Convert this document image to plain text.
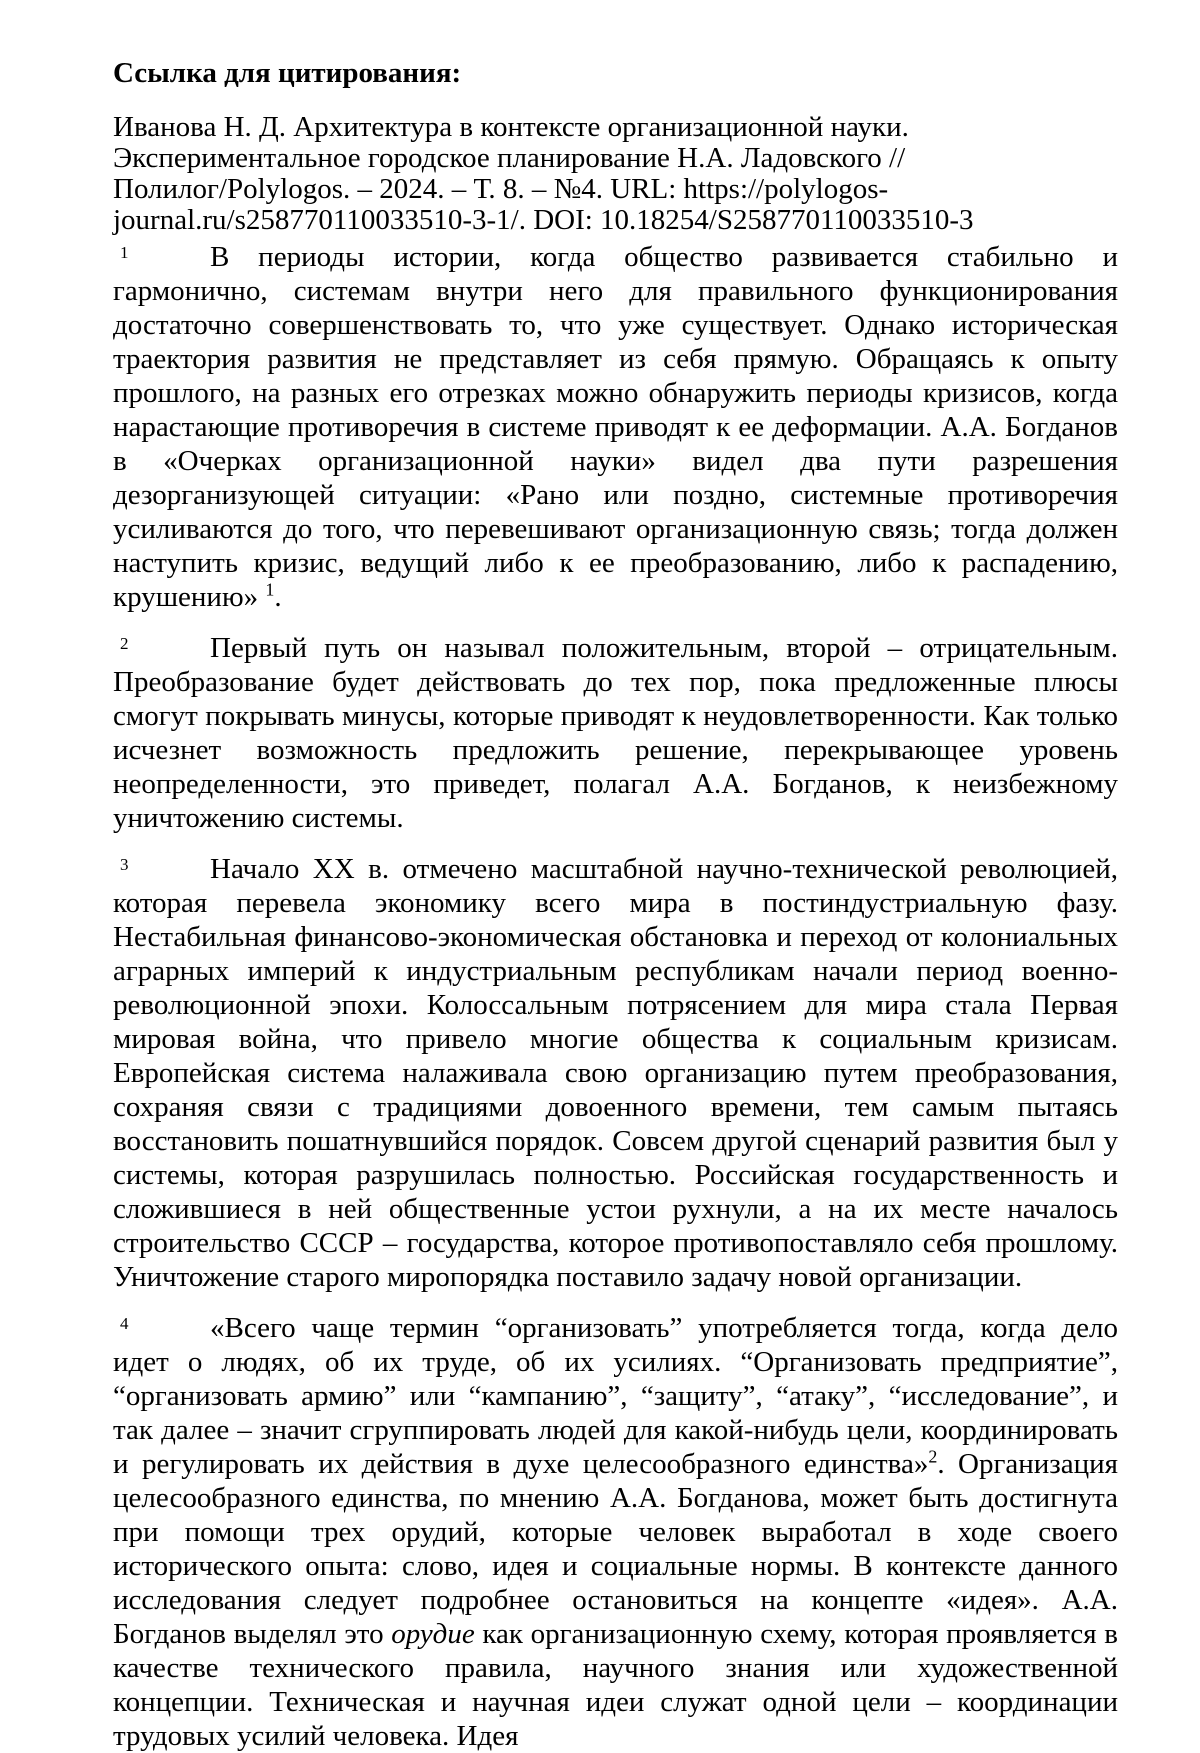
Ссылка для цитирования:

Иванова Н. Д. Архитектура в контексте организационной науки.
Экспериментальное городское планирование Н.А. Ладовского //
Полилог/Polylogos. – 2024. – Т. 8. – №4. URL: https://polylogos-
journal.ru/s258770110033510-3-1/. DOI: 10.18254/S258770110033510-3
1	В периоды истории, когда общество развивается стабильно и гармонично, системам внутри него для правильного функционирования достаточно совершенствовать то, что уже существует. Однако историческая траектория развития не представляет из себя прямую. Обращаясь к опыту прошлого, на разных его отрезках можно обнаружить периоды кризисов, когда нарастающие противоречия в системе приводят к ее деформации. А.А. Богданов в «Очерках организационной науки» видел два пути разрешения дезорганизующей ситуации: «Рано или поздно, системные противоречия усиливаются до того, что перевешивают организационную связь; тогда должен наступить кризис, ведущий либо к ее преобразованию, либо к распадению, крушению» $^1$.
2	Первый путь он называл положительным, второй – отрицательным. Преобразование будет действовать до тех пор, пока предложенные плюсы смогут покрывать минусы, которые приводят к неудовлетворенности. Как только исчезнет возможность предложить решение, перекрывающее уровень неопределенности, это приведет, полагал А.А. Богданов, к неизбежному уничтожению системы.
3	Начало XX в. отмечено масштабной научно-технической революцией, которая перевела экономику всего мира в постиндустриальную фазу. Нестабильная финансово-экономическая обстановка и переход от колониальных аграрных империй к индустриальным республикам начали период военно-революционной эпохи. Колоссальным потрясением для мира стала Первая мировая война, что привело многие общества к социальным кризисам. Европейская система налаживала свою организацию путем преобразования, сохраняя связи с традициями довоенного времени, тем самым пытаясь восстановить пошатнувшийся порядок. Совсем другой сценарий развития был у системы, которая разрушилась полностью. Российская государственность и сложившиеся в ней общественные устои рухнули, а на их месте началось строительство СССР – государства, которое противопоставляло себя прошлому. Уничтожение старого миропорядка поставило задачу новой организации.
4	«Всего чаще термин “организовать” употребляется тогда, когда дело идет о людях, об их труде, об их усилиях. “Организовать предприятие”, “организовать армию” или “кампанию”, “защиту”, “атаку”, “исследование”, и так далее – значит сгруппировать людей для какой-нибудь цели, координировать и регулировать их действия в духе целесообразного единства»$^2$. Организация целесообразного единства, по мнению А.А. Богданова, может быть достигнута при помощи трех орудий, которые человек выработал в ходе своего исторического опыта: слово, идея и социальные нормы. В контексте данного исследования следует подробнее остановиться на концепте «идея». А.А. Богданов выделял это орудие как организационную схему, которая проявляется в качестве технического правила, научного знания или художественной концепции. Техническая и научная идеи служат одной цели – координации трудовых усилий человека. Идея
